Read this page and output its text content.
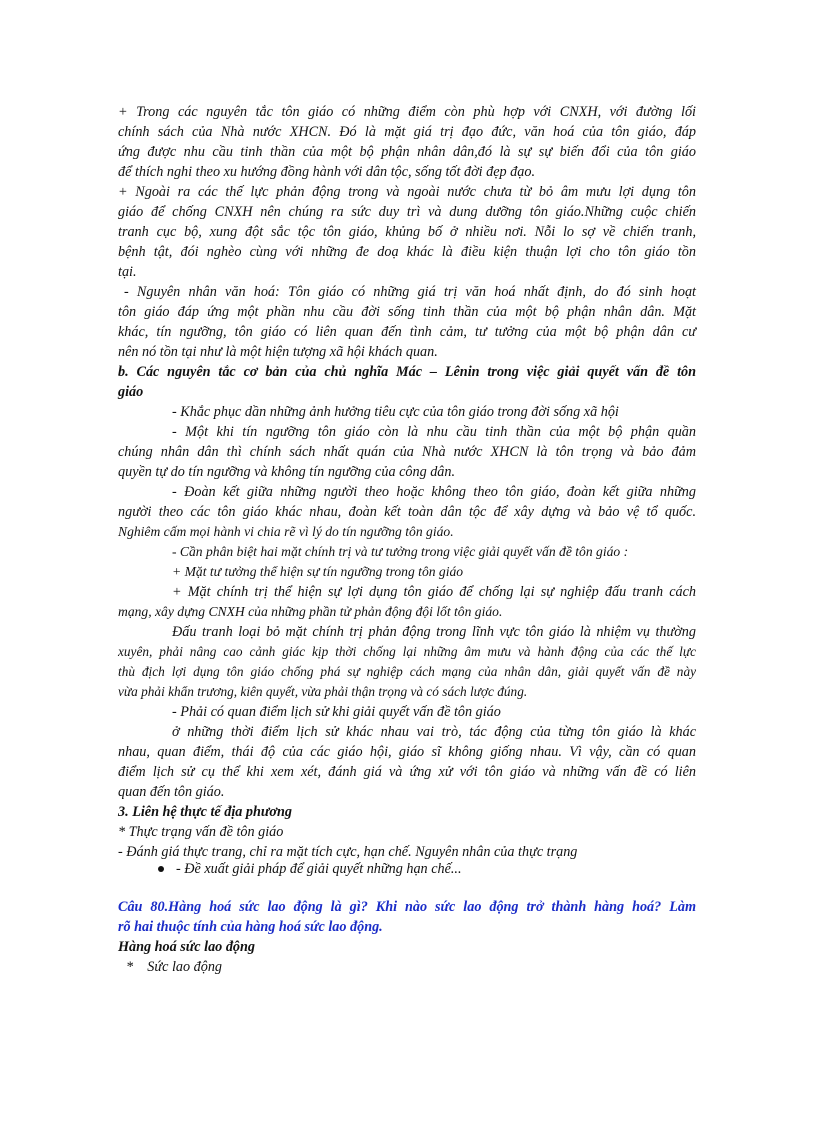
+ Trong các nguyên tắc tôn giáo có những điểm còn phù hợp với CNXH, với đường lối
chính sách của Nhà nước XHCN. Đó là mặt giá trị đạo đức, văn hoá của tôn giáo, đáp
ứng được nhu cầu tinh thần của một bộ phận nhân dân,đó là sự sự biến đổi của tôn giáo
để thích nghi theo xu hướng đồng hành với dân tộc, sống tốt đời đẹp đạo.
+ Ngoài ra các thế lực phản động trong và ngoài nước chưa từ bỏ âm mưu lợi dụng tôn
giáo để chống CNXH nên chúng ra sức duy trì và dung dưỡng tôn giáo.Những cuộc chiến
tranh cục bộ, xung đột sắc tộc tôn giáo, khủng bố ở nhiều nơi. Nỗi lo sợ về chiến tranh,
bệnh tật, đói nghèo cùng với những đe doạ khác là điều kiện thuận lợi cho tôn giáo tồn
tại.
- Nguyên nhân văn hoá: Tôn giáo có những giá trị văn hoá nhất định, do đó sinh hoạt
tôn giáo đáp ứng một phần nhu cầu đời sống tinh thần của một bộ phận nhân dân. Mặt
khác, tín ngưỡng, tôn giáo có liên quan đến tình cảm, tư tưởng của một bộ phận dân cư
nên nó tồn tại như là một hiện tượng xã hội khách quan.
b. Các nguyên tắc cơ bản của chủ nghĩa Mác – Lênin trong việc giải quyết vấn đề tôn
giáo
- Khắc phục dần những ảnh hưởng tiêu cực của tôn giáo trong đời sống xã hội
- Một khi tín ngưỡng tôn giáo còn là nhu cầu tinh thần của một bộ phận quần
chúng nhân dân thì chính sách nhất quán của Nhà nước XHCN là tôn trọng và bảo đảm
quyền tự do tín ngưỡng và không tín ngưỡng của công dân.
- Đoàn kết giữa những người theo hoặc không theo tôn giáo, đoàn kết giữa những
người theo các tôn giáo khác nhau, đoàn kết toàn dân tộc để xây dựng và bảo vệ tổ quốc.
Nghiêm cấm mọi hành vi chia rẽ vì lý do tín ngưỡng tôn giáo.
- Cần phân biệt hai mặt chính trị và tư tưởng trong việc giải quyết vấn đề tôn giáo :
+ Mặt tư tưởng thể hiện sự tín ngưỡng trong tôn giáo
+ Mặt chính trị thể hiện sự lợi dụng tôn giáo để chống lại sự nghiệp đấu tranh cách
mạng, xây dựng CNXH của những phần tử phản động đội lốt tôn giáo.
Đấu tranh loại bỏ mặt chính trị phản động trong lĩnh vực tôn giáo là nhiệm vụ thường
xuyên, phải nâng cao cảnh giác kịp thời chống lại những âm mưu và hành động của các thế lực
thù địch lợi dụng tôn giáo chống phá sự nghiệp cách mạng của nhân dân, giải quyết vấn đề này
vừa phải khẩn trương, kiên quyết, vừa phải thận trọng và có sách lược đúng.
- Phải có quan điểm lịch sử khi giải quyết vấn đề tôn giáo
ở những thời điểm lịch sử khác nhau vai trò, tác động của từng tôn giáo là khác
nhau, quan điểm, thái độ của các giáo hội, giáo sĩ không giống nhau. Vì vậy, cần có quan
điểm lịch sử cụ thể khi xem xét, đánh giá và ứng xử với tôn giáo và những vấn đề có liên
quan đến tôn giáo.
3. Liên hệ thực tế địa phương
* Thực trạng vấn đề tôn giáo
- Đánh giá thực trang, chỉ ra mặt tích cực, hạn chế. Nguyên nhân của thực trạng
- Đề xuất giải pháp để giải quyết những hạn chế...
Câu 80.Hàng hoá sức lao động là gì? Khi nào sức lao động trở thành hàng hoá? Làm
rõ hai thuộc tính của hàng hoá sức lao động.
Hàng hoá sức lao động
*    Sức lao động
